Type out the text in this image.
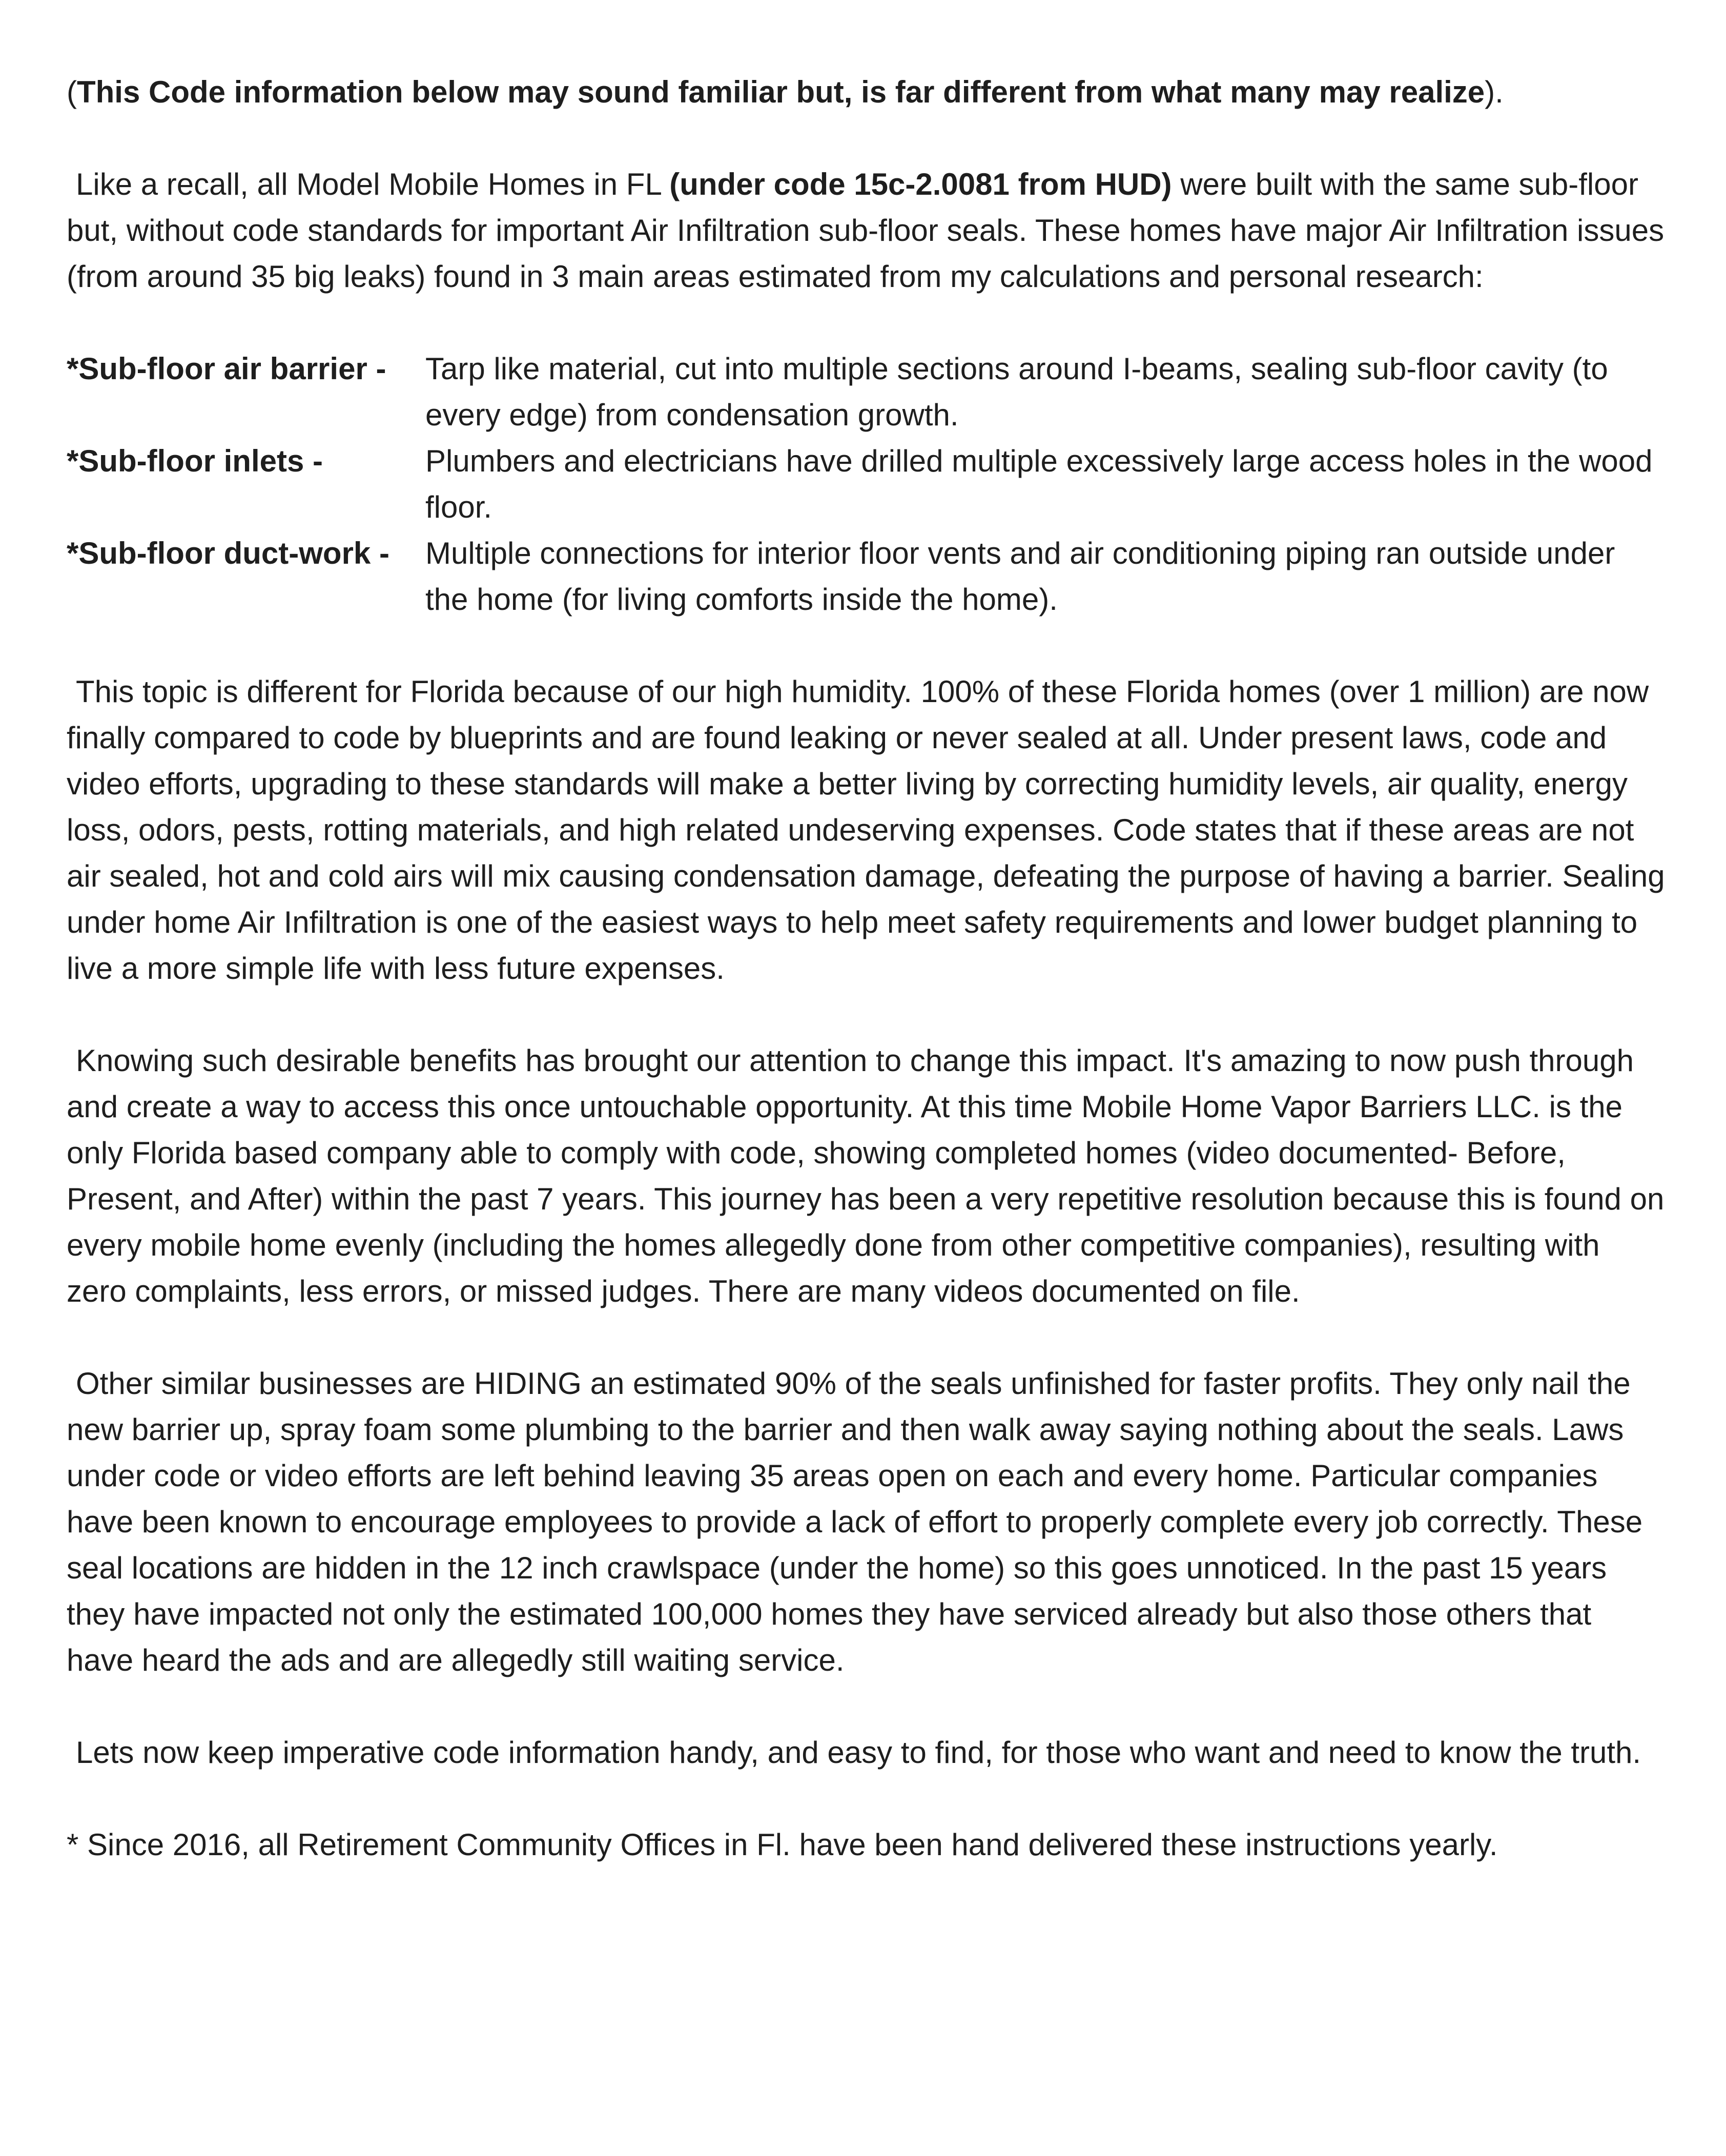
(This Code information below may sound familiar but, is far different from what many may realize).

Like a recall, all Model Mobile Homes in FL (under code 15c-2.0081 from HUD) were built with the same sub-floor but, without code standards for important Air Infiltration sub-floor seals. These homes have major Air Infiltration issues (from around 35 big leaks) found in 3 main areas estimated from my calculations and personal research:

*Sub-floor air barrier -	Tarp like material, cut into multiple sections around I-beams, sealing sub-floor cavity (to every edge) from condensation growth.
*Sub-floor inlets -	Plumbers and electricians have drilled multiple excessively large access holes in the wood floor.
*Sub-floor duct-work -	Multiple connections for interior floor vents and air conditioning piping ran outside under the home (for living comforts inside the home).

This topic is different for Florida because of our high humidity. 100% of these Florida homes (over 1 million) are now finally compared to code by blueprints and are found leaking or never sealed at all. Under present laws, code and video efforts, upgrading to these standards will make a better living by correcting humidity levels, air quality, energy loss, odors, pests, rotting materials, and high related undeserving expenses. Code states that if these areas are not air sealed, hot and cold airs will mix causing condensation damage, defeating the purpose of having a barrier. Sealing under home Air Infiltration is one of the easiest ways to help meet safety requirements and lower budget planning to live a more simple life with less future expenses.

Knowing such desirable benefits has brought our attention to change this impact. It's amazing to now push through and create a way to access this once untouchable opportunity. At this time Mobile Home Vapor Barriers LLC. is the only Florida based company able to comply with code, showing completed homes (video documented- Before, Present, and After) within the past 7 years. This journey has been a very repetitive resolution because this is found on every mobile home evenly (including the homes allegedly done from other competitive companies), resulting with zero complaints, less errors, or missed judges. There are many videos documented on file.

Other similar businesses are HIDING an estimated 90% of the seals unfinished for faster profits. They only nail the new barrier up, spray foam some plumbing to the barrier and then walk away saying nothing about the seals. Laws under code or video efforts are left behind leaving 35 areas open on each and every home. Particular companies have been known to encourage employees to provide a lack of effort to properly complete every job correctly. These seal locations are hidden in the 12 inch crawlspace (under the home) so this goes unnoticed. In the past 15 years they have impacted not only the estimated 100,000 homes they have serviced already but also those others that have heard the ads and are allegedly still waiting service.

Lets now keep imperative code information handy, and easy to find, for those who want and need to know the truth.

* Since 2016, all Retirement Community Offices in Fl. have been hand delivered these instructions yearly.
